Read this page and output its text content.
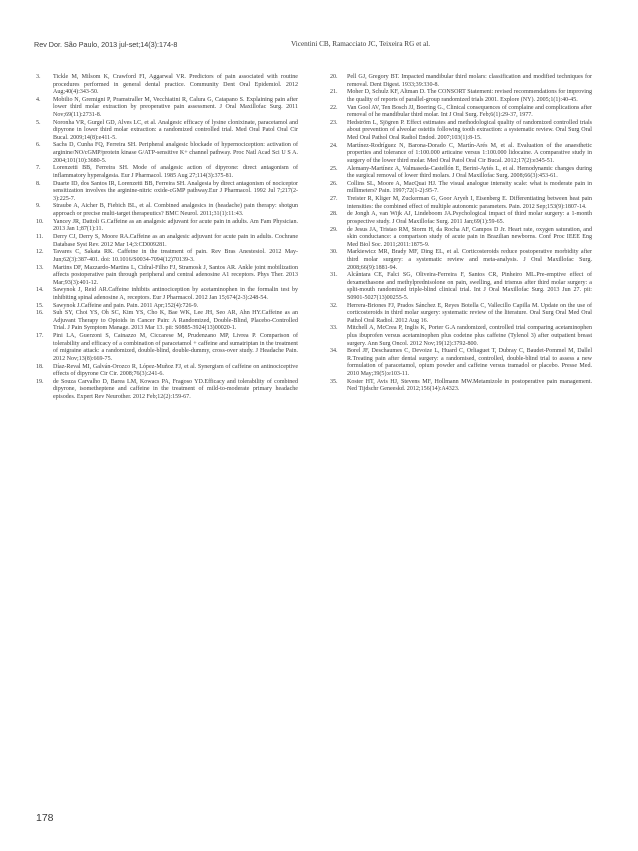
Rev Dor. São Paulo, 2013 jul-set;14(3):174-8	Vicentini CB, Ramacciato JC, Teixeira RG et al.
3.	Tickle M, Milsom K, Crawford FI, Aggarwal VR. Predictors of pain associated with routine procedures performed in general dental practice. Community Dent Oral Epidemiol. 2012 Aug;40(4):343-50.
4.	Mobilio N, Gremigni P, Pramstraller M, Vecchiatini R, Calura G, Catapano S. Explaining pain after lower third molar extraction by preoperative pain assessment. J Oral Maxillofac Surg. 2011 Nov;69(11):2731-8.
5.	Noronha VR, Gurgel GD, Alves LC, et al. Analgesic efficacy of lysine clonixinate, paracetamol and dipyrone in lower third molar extraction: a randomized controlled trial. Med Oral Patol Oral Cir Bucal. 2009;14(8):e411-5.
6.	Sachs D, Cunha FQ, Ferreira SH. Peripheral analgesic blockade of hypernociception: activation of arginine/NO/cGMP/protein kinase G/ATP-sensitive K+ channel pathway. Proc Natl Acad Sci U S A. 2004;101(10):3680-5.
7.	Lorenzetti BB, Ferreira SH. Mode of analgesic action of dipyrone: direct antagonism of inflammatory hyperalgesia. Eur J Pharmacol. 1985 Aug 27;114(3):375-81.
8.	Duarte ID, dos Santos IR, Lorenzetti BB, Ferreira SH. Analgesia by direct antagonism of nociceptor sensitization involves the arginine-nitric oxide-cGMP pathway.Eur J Pharmacol. 1992 Jul 7;217(2-3):225-7.
9.	Straube A, Aicher B, Fiebich BL, et al. Combined analgesics in (headache) pain therapy: shotgun approach or precise multi-target therapeutics? BMC Neurol. 2011;31(1):11:43.
10.	Yancey JR, Dattoli G.Caffeine as an analgesic adjuvant for acute pain in adults. Am Fam Physician. 2013 Jan 1;87(1):11.
11.	Derry CJ, Derry S, Moore RA.Caffeine as an analgesic adjuvant for acute pain in adults. Cochrane Database Syst Rev. 2012 Mar 14;3:CD009281.
12.	Tavares C, Sakata RK. Caffeine in the treatment of pain. Rev Bras Anestesiol. 2012 May-Jun;62(3):387-401. doi: 10.1016/S0034-7094(12)70139-3.
13.	Martins DF, Mazzardo-Martins L, Cidral-Filho FJ, Stramosk J, Santos AR. Ankle joint mobilization affects postoperative pain through peripheral and central adenosine A1 receptors. Phys Ther. 2013 Mar;93(3):401-12.
14.	Sawynok J, Reid AR.Caffeine inhibits antinociception by acetaminophen in the formalin test by inhibiting spinal adenosine A₁ receptors. Eur J Pharmacol. 2012 Jan 15;674(2-3):248-54.
15.	Sawynok J.Caffeine and pain. Pain. 2011 Apr;152(4):726-9.
16.	Suh SY, Choi YS, Oh SC, Kim YS, Cho K, Bae WK, Lee JH, Seo AR, Ahn HY.Caffeine as an Adjuvant Therapy to Opioids in Cancer Pain: A Randomized, Double-Blind, Placebo-Controlled Trial. J Pain Symptom Manage. 2013 Mar 13. pii: S0885-3924(13)00020-1.
17.	Pini LA, Guerzoni S, Cainazzo M, Ciccarese M, Prudenzano MP, Livrea P. Comparison of tolerability and efficacy of a combination of paracetamol + caffeine and sumatriptan in the treatment of migraine attack: a randomized, double-blind, double-dummy, cross-over study. J Headache Pain. 2012 Nov;13(8):669-75.
18.	Díaz-Reval MI, Galván-Orozco R, López-Muñoz FJ, et al. Synergism of caffeine on antinociceptive effects of dipyrone Cir Cir. 2008;76(3):241-6.
19.	de Souza Carvalho D, Barea LM, Kowacs PA, Fragoso YD.Efficacy and tolerability of combined dipyrone, isometheptene and caffeine in the treatment of mild-to-moderate primary headache episodes. Expert Rev Neurother. 2012 Feb;12(2):159-67.
20.	Pell GJ, Gregory BT. Impacted mandibular third molars: classification and modified techniques for removal. Dent Digest. 1933;39:330-8.
21.	Moher D, Schulz KF, Altman D. The CONSORT Statement: revised recommendations for improving the quality of reports of parallel-group randomized trials 2001. Explore (NY). 2005;1(1):40-45.
22.	Van Gool AV, Ten Bosch JJ, Boering G., Clinical consequences of complaine and complications after removal of he mandibular third molar. Int J Oral Surg. Feb;6(1):29-37, 1977.
23.	Hedström L, Sjögren P. Effect estimates and methodological quality of randomized controlled trials about prevention of alveolar osteitis following tooth extraction: a systematic review. Oral Surg Oral Med Oral Pathol Oral Radiol Endod. 2007;103(1):8-15.
24.	Martínez-Rodríguez N, Barona-Dorado C, Martín-Arés M, et al. Evaluation of the anaesthetic properties and tolerance of 1:100.000 articaine versus 1:100.000 lidocaine. A comparative study in surgery of the lower third molar. Med Oral Patol Oral Cir Bucal. 2012;17(2):e345-51.
25.	Alemany-Martínez A, Valmaseda-Castellón E, Berini-Aytés L, et al. Hemodynamic changes during the surgical removal of lower third molars. J Oral Maxillofac Surg. 2008;66(3):453-61.
26.	Collins SL, Moore A, MacQuai HJ. The visual analogue intensity scale: what is moderate pain in millimeters? Pain. 1997;72(1-2):95-7.
27.	Treister R, Kliger M, Zuckerman G, Goor Aryeh I, Eisenberg E. Differentiating between heat pain intensities: the combined effect of multiple autonomic parameters. Pain. 2012 Sep;153(9):1807-14.
28.	de Jongh A, van Wijk AJ, Lindeboom JA.Psychological impact of third molar surgery: a 1-month prospective study. J Oral Maxillofac Surg. 2011 Jan;69(1):59-65.
29.	de Jesus JA, Tristao RM, Storm H, da Rocha AF, Campos D Jr. Heart rate, oxygen saturation, and skin conductance: a comparison study of acute pain in Brazilian newborns. Conf Proc IEEE Eng Med Biol Soc. 2011;2011:1875-9.
30.	Markiewicz MR, Brady MF, Ding EL, et al. Corticosteroids reduce postoperative morbidity after third molar surgery: a systematic review and meta-analysis. J Oral Maxillofac Surg. 2008;66(9):1881-94.
31.	Alcântara CE, Falci SG, Oliveira-Ferreira F, Santos CR, Pinheiro ML.Pre-emptive effect of dexamethasone and methylprednisolone on pain, swelling, and trismus after third molar surgery: a split-mouth randomized triple-blind clinical trial. Int J Oral Maxillofac Surg. 2013 Jun 27. pii: S0901-5027(13)00255-5.
32.	Herrera-Briones FJ, Prados Sánchez E, Reyes Botella C, Vallecillo Capilla M. Update on the use of corticosteroids in third molar surgery: systematic review of the literature. Oral Surg Oral Med Oral Pathol Oral Radiol. 2012 Aug 16.
33.	Mitchell A, McCrea P, Inglis K, Porter G.A randomized, controlled trial comparing acetaminophen plus ibuprofen versus acetaminophen plus codeine plus caffeine (Tylenol 3) after outpatient breast surgery. Ann Surg Oncol. 2012 Nov;19(12):3792-800.
34.	Borel JF, Deschaumes C, Devoize L, Huard C, Orliaguet T, Dubray C, Baudet-Pommel M, Dallel R.Treating pain after dental surgery: a randomised, controlled, double-blind trial to assess a new formulation of paracetamol, opium powder and caffeine versus tramadol or placebo. Presse Med. 2010 May;39(5):e103-11.
35.	Koster HT, Avis HJ, Stevens MF, Hollmann MW.Metamizole in postoperative pain management. Ned Tijdschr Geneeskd. 2012;156(14):A4323.
178
